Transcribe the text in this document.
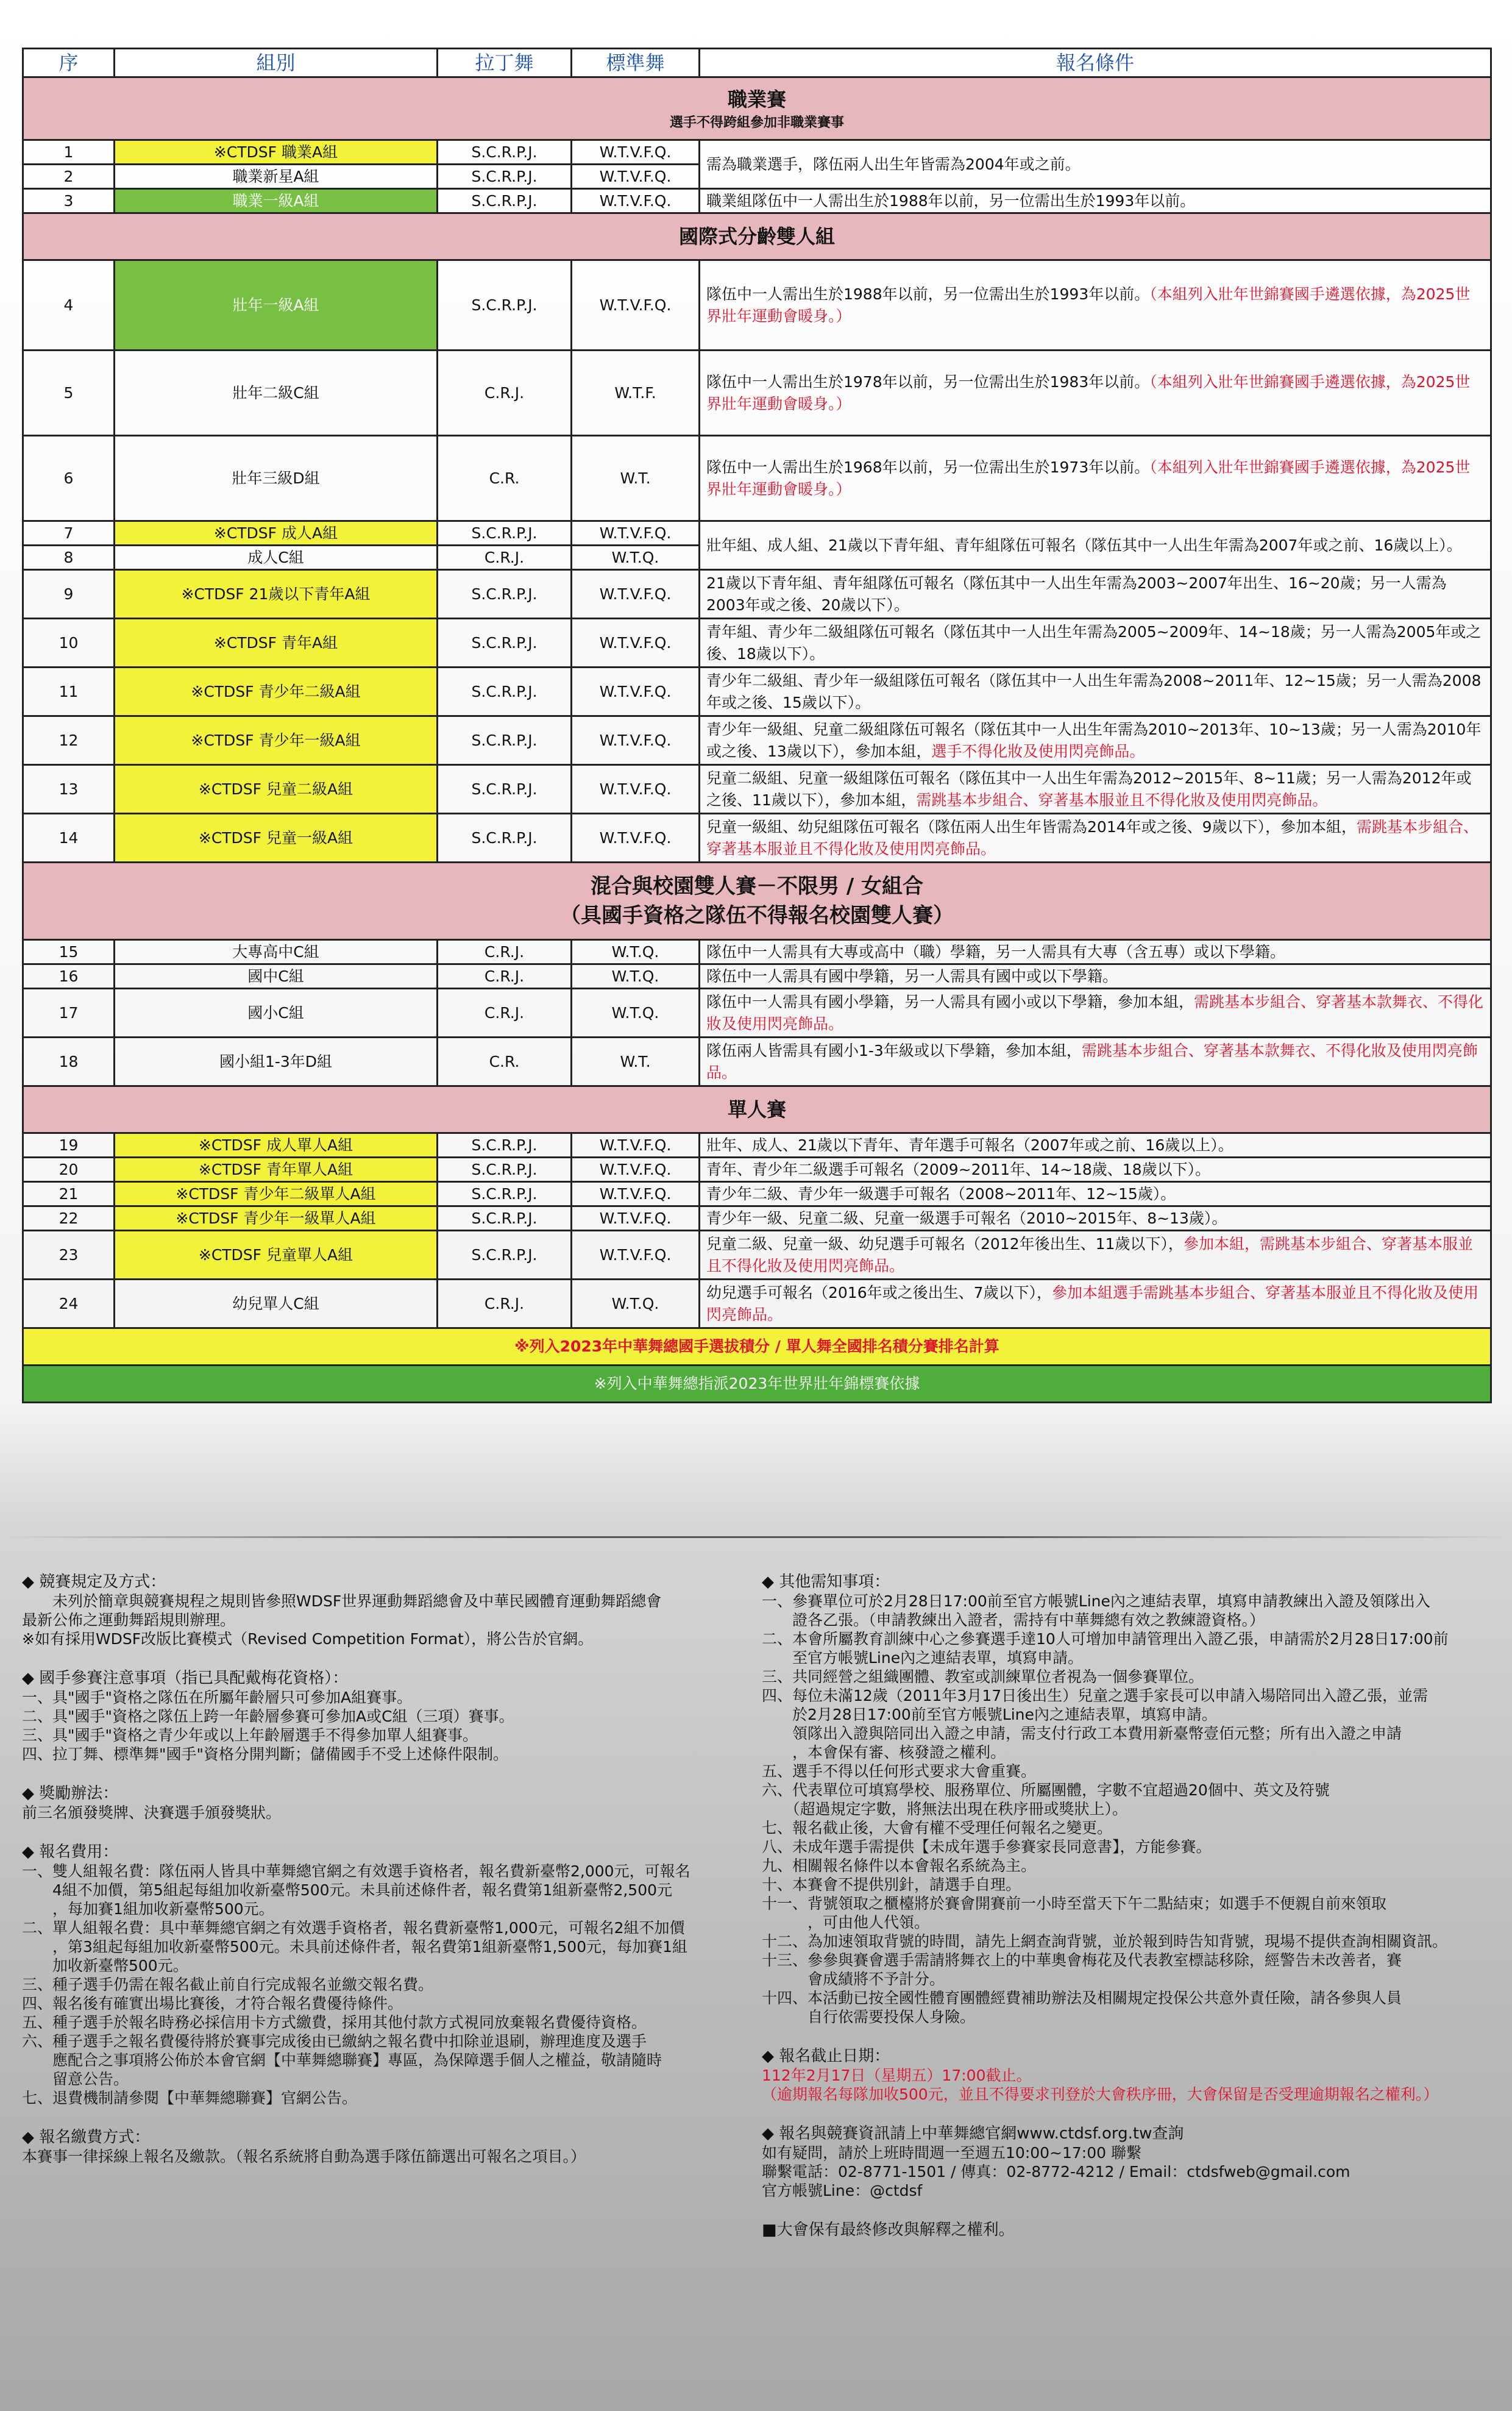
序	組別	拉丁舞	標準舞	報名條件

職業賽
選手不得跨組參加非職業賽事				

1	※CTDSF 職業A組	S.C.R.P.J.	W.T.V.F.Q.	需為職業選手，隊伍兩人出生年皆需為2004年或之前。
2	職業新星A組	S.C.R.P.J.	W.T.V.F.Q.	
3	職業一級A組	S.C.R.P.J.	W.T.V.F.Q.	職業組隊伍中一人需出生於1988年以前，另一位需出生於1993年以前。

國際式分齡雙人組				

4	壯年一級A組	S.C.R.P.J.	W.T.V.F.Q.	隊伍中一人需出生於1988年以前，另一位需出生於1993年以前。（本組列入壯年世錦賽國手遴選依據，為2025世界壯年運動會暖身。）
5	壯年二級C組	C.R.J.	W.T.F.	隊伍中一人需出生於1978年以前，另一位需出生於1983年以前。（本組列入壯年世錦賽國手遴選依據，為2025世界壯年運動會暖身。）
6	壯年三級D組	C.R.	W.T.	隊伍中一人需出生於1968年以前，另一位需出生於1973年以前。（本組列入壯年世錦賽國手遴選依據，為2025世界壯年運動會暖身。）
7	※CTDSF 成人A組	S.C.R.P.J.	W.T.V.F.Q.	壯年組、成人組、21歲以下青年組、青年組隊伍可報名（隊伍其中一人出生年需為2007年或之前、16歲以上）。
8	成人C組	C.R.J.	W.T.Q.	
9	※CTDSF 21歲以下青年A組	S.C.R.P.J.	W.T.V.F.Q.	21歲以下青年組、青年組隊伍可報名（隊伍其中一人出生年需為2003~2007年出生、16~20歲；另一人需為2003年或之後、20歲以下）。
10	※CTDSF 青年A組	S.C.R.P.J.	W.T.V.F.Q.	青年組、青少年二級組隊伍可報名（隊伍其中一人出生年需為2005~2009年、14~18歲；另一人需為2005年或之後、18歲以下）。
11	※CTDSF 青少年二級A組	S.C.R.P.J.	W.T.V.F.Q.	青少年二級組、青少年一級組隊伍可報名（隊伍其中一人出生年需為2008~2011年、12~15歲；另一人需為2008年或之後、15歲以下）。
12	※CTDSF 青少年一級A組	S.C.R.P.J.	W.T.V.F.Q.	青少年一級組、兒童二級組隊伍可報名（隊伍其中一人出生年需為2010~2013年、10~13歲；另一人需為2010年或之後、13歲以下），參加本組，選手不得化妝及使用閃亮飾品。
13	※CTDSF 兒童二級A組	S.C.R.P.J.	W.T.V.F.Q.	兒童二級組、兒童一級組隊伍可報名（隊伍其中一人出生年需為2012~2015年、8~11歲；另一人需為2012年或之後、11歲以下），參加本組，需跳基本步組合、穿著基本服並且不得化妝及使用閃亮飾品。
14	※CTDSF 兒童一級A組	S.C.R.P.J.	W.T.V.F.Q.	兒童一級組、幼兒組隊伍可報名（隊伍兩人出生年皆需為2014年或之後、9歲以下），參加本組，需跳基本步組合、穿著基本服並且不得化妝及使用閃亮飾品。

混合與校園雙人賽－不限男 / 女組合
（具國手資格之隊伍不得報名校園雙人賽）				

15	大專高中C組	C.R.J.	W.T.Q.	隊伍中一人需具有大專或高中（職）學籍，另一人需具有大專（含五專）或以下學籍。
16	國中C組	C.R.J.	W.T.Q.	隊伍中一人需具有國中學籍，另一人需具有國中或以下學籍。
17	國小C組	C.R.J.	W.T.Q.	隊伍中一人需具有國小學籍，另一人需具有國小或以下學籍，參加本組，需跳基本步組合、穿著基本款舞衣、不得化妝及使用閃亮飾品。
18	國小組1-3年D組	C.R.	W.T.	隊伍兩人皆需具有國小1-3年級或以下學籍，參加本組，需跳基本步組合、穿著基本款舞衣、不得化妝及使用閃亮飾品。

單人賽				

19	※CTDSF 成人單人A組	S.C.R.P.J.	W.T.V.F.Q.	壯年、成人、21歲以下青年、青年選手可報名（2007年或之前、16歲以上）。
20	※CTDSF 青年單人A組	S.C.R.P.J.	W.T.V.F.Q.	青年、青少年二級選手可報名（2009~2011年、14~18歲、18歲以下）。
21	※CTDSF 青少年二級單人A組	S.C.R.P.J.	W.T.V.F.Q.	青少年二級、青少年一級選手可報名（2008~2011年、12~15歲）。
22	※CTDSF 青少年一級單人A組	S.C.R.P.J.	W.T.V.F.Q.	青少年一級、兒童二級、兒童一級選手可報名（2010~2015年、8~13歲）。
23	※CTDSF 兒童單人A組	S.C.R.P.J.	W.T.V.F.Q.	兒童二級、兒童一級、幼兒選手可報名（2012年後出生、11歲以下），參加本組，需跳基本步組合、穿著基本服並且不得化妝及使用閃亮飾品。
24	幼兒單人C組	C.R.J.	W.T.Q.	幼兒選手可報名（2016年或之後出生、7歲以下），參加本組選手需跳基本步組合、穿著基本服並且不得化妝及使用閃亮飾品。
※列入2023年中華舞總國手選拔積分 / 單人舞全國排名積分賽排名計算				
※列入中華舞總指派2023年世界壯年錦標賽依據				
◆ 競賽規定及方式：
　　未列於簡章與競賽規程之規則皆參照WDSF世界運動舞蹈總會及中華民國體育運動舞蹈總會
最新公佈之運動舞蹈規則辦理。
※如有採用WDSF改版比賽模式（Revised Competition Format），將公告於官網。
◆ 國手參賽注意事項（指已具配戴梅花資格）：
一、具"國手"資格之隊伍在所屬年齡層只可參加A組賽事。
二、具"國手"資格之隊伍上跨一年齡層參賽可參加A或C組（三項）賽事。
三、具"國手"資格之青少年或以上年齡層選手不得參加單人組賽事。
四、拉丁舞、標準舞"國手"資格分開判斷；儲備國手不受上述條件限制。
◆ 獎勵辦法：
前三名頒發獎牌、決賽選手頒發獎狀。
◆ 報名費用：
一、雙人組報名費：隊伍兩人皆具中華舞總官網之有效選手資格者，報名費新臺幣2,000元，可報名
　　4組不加價，第5組起每組加收新臺幣500元。未具前述條件者，報名費第1組新臺幣2,500元
　　，每加賽1組加收新臺幣500元。
二、單人組報名費：具中華舞總官網之有效選手資格者，報名費新臺幣1,000元，可報名2組不加價
　　，第3組起每組加收新臺幣500元。未具前述條件者，報名費第1組新臺幣1,500元，每加賽1組
　　加收新臺幣500元。
三、種子選手仍需在報名截止前自行完成報名並繳交報名費。
四、報名後有確實出場比賽後，才符合報名費優待條件。
五、種子選手於報名時務必採信用卡方式繳費，採用其他付款方式視同放棄報名費優待資格。
六、種子選手之報名費優待將於賽事完成後由已繳納之報名費中扣除並退刷，辦理進度及選手
　　應配合之事項將公佈於本會官網【中華舞總聯賽】專區，為保障選手個人之權益，敬請隨時
　　留意公告。
七、退費機制請參閱【中華舞總聯賽】官網公告。
◆ 報名繳費方式：
本賽事一律採線上報名及繳款。（報名系統將自動為選手隊伍篩選出可報名之項目。）
◆ 其他需知事項：
一、參賽單位可於2月28日17:00前至官方帳號Line內之連結表單，填寫申請教練出入證及領隊出入
　　證各乙張。（申請教練出入證者，需持有中華舞總有效之教練證資格。）
二、本會所屬教育訓練中心之參賽選手達10人可增加申請管理出入證乙張，申請需於2月28日17:00前
　　至官方帳號Line內之連結表單，填寫申請。
三、共同經營之組織團體、教室或訓練單位者視為一個參賽單位。
四、每位未滿12歲（2011年3月17日後出生）兒童之選手家長可以申請入場陪同出入證乙張，並需
　　於2月28日17:00前至官方帳號Line內之連結表單，填寫申請。
　　領隊出入證與陪同出入證之申請，需支付行政工本費用新臺幣壹佰元整；所有出入證之申請
　　，本會保有審、核發證之權利。
五、選手不得以任何形式要求大會重賽。
六、代表單位可填寫學校、服務單位、所屬團體，字數不宜超過20個中、英文及符號
　　（超過規定字數，將無法出現在秩序冊或獎狀上）。
七、報名截止後，大會有權不受理任何報名之變更。
八、未成年選手需提供【未成年選手參賽家長同意書】，方能參賽。
九、相關報名條件以本會報名系統為主。
十、本賽會不提供別針，請選手自理。
十一、背號領取之櫃檯將於賽會開賽前一小時至當天下午二點結束；如選手不便親自前來領取
　　　，可由他人代領。
十二、為加速領取背號的時間，請先上網查詢背號，並於報到時告知背號，現場不提供查詢相關資訊。
十三、參參與賽會選手需請將舞衣上的中華奧會梅花及代表教室標誌移除，經警告未改善者，賽
　　　會成績將不予計分。
十四、本活動已按全國性體育團體經費補助辦法及相關規定投保公共意外責任險，請各參與人員
　　　自行依需要投保人身險。
◆ 報名截止日期：
112年2月17日（星期五）17:00截止。
（逾期報名每隊加收500元，並且不得要求刊登於大會秩序冊，大會保留是否受理逾期報名之權利。）
◆ 報名與競賽資訊請上中華舞總官網www.ctdsf.org.tw查詢
如有疑問，請於上班時間週一至週五10:00~17:00 聯繫
聯繫電話：02-8771-1501 / 傳真：02-8772-4212 / Email：ctdsfweb@gmail.com
官方帳號Line：@ctdsf
■大會保有最終修改與解釋之權利。
